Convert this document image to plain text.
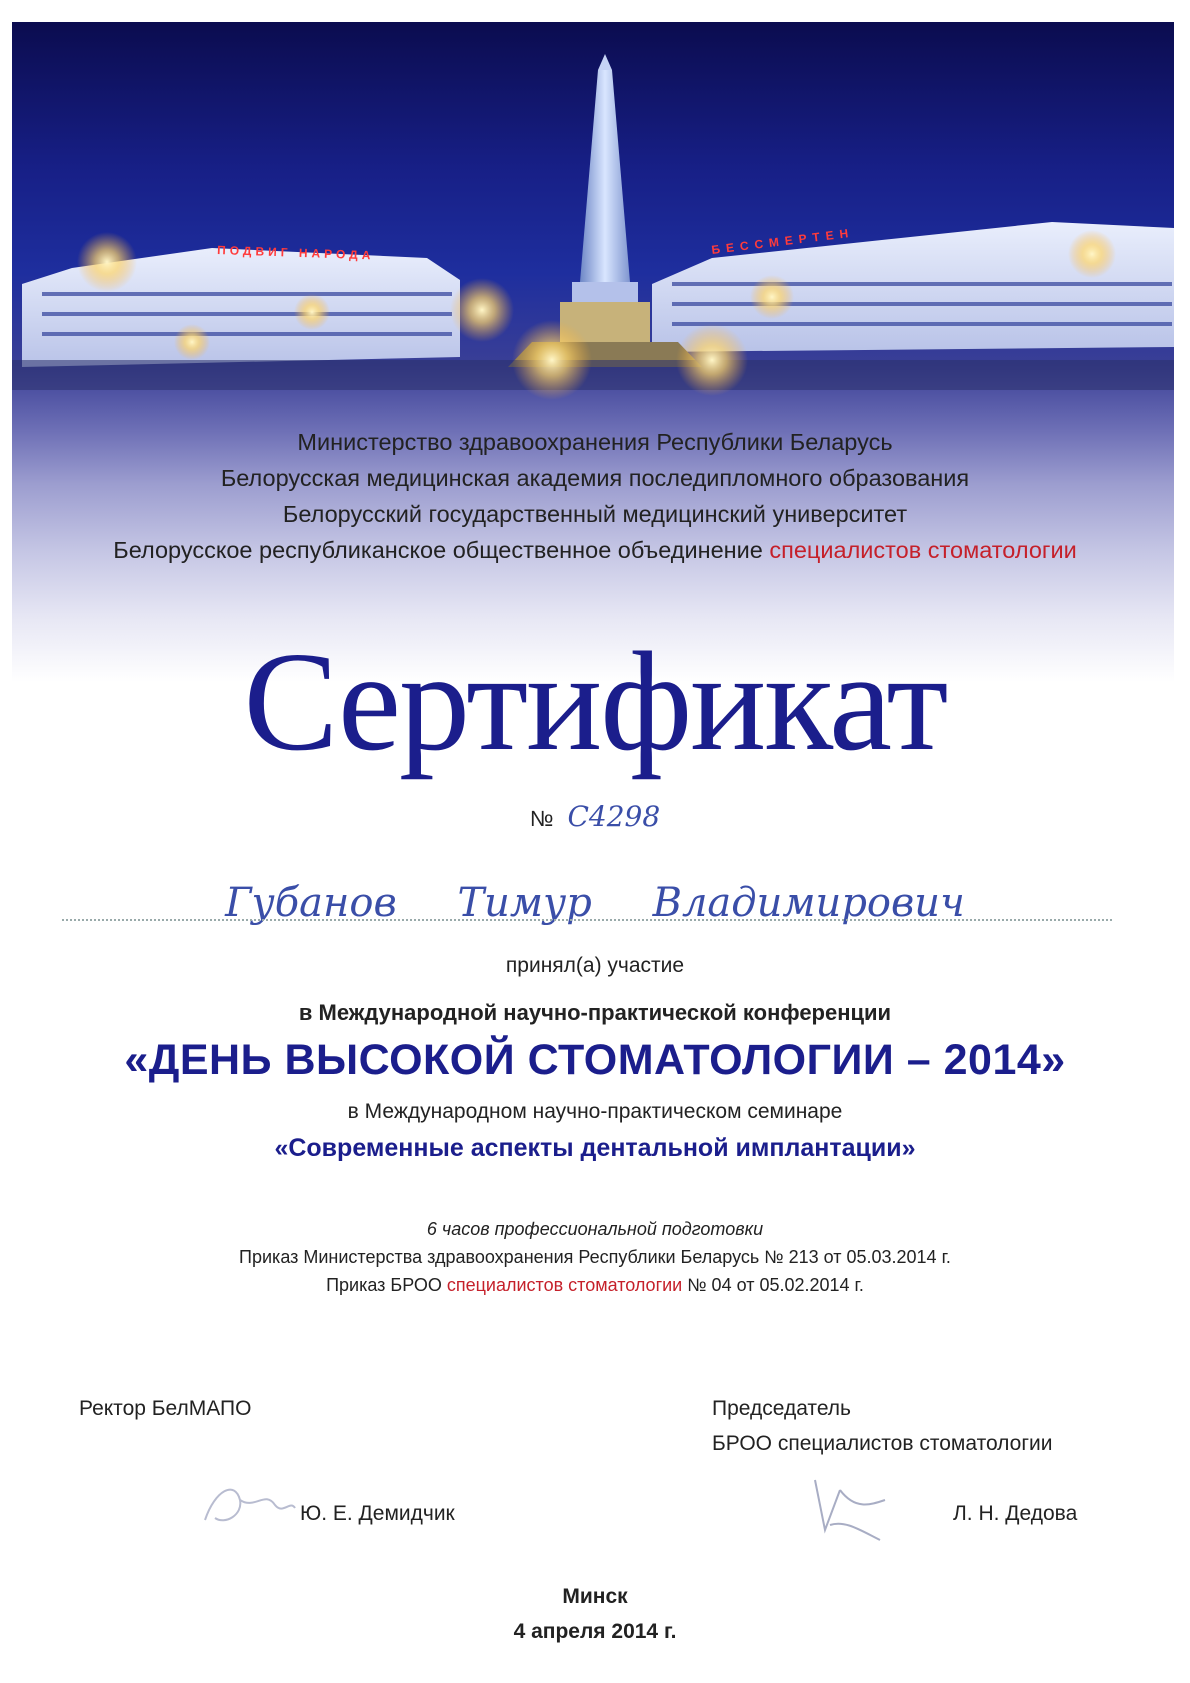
ПОДВИГ НАРОДА	БЕССМЕРТЕН
Министерство здравоохранения Республики Беларусь
Белорусская медицинская академия последипломного образования
Белорусский государственный медицинский университет
Белорусское республиканское общественное объединение специалистов стоматологии
Сертификат
№ С4298
Губанов Тимур Владимирович
принял(а) участие
в Международной научно-практической конференции
«ДЕНЬ ВЫСОКОЙ СТОМАТОЛОГИИ – 2014»
в Международном научно-практическом семинаре
«Современные аспекты дентальной имплантации»
6 часов профессиональной подготовки
Приказ Министерства здравоохранения Республики Беларусь № 213 от 05.03.2014 г.
Приказ БРОО специалистов стоматологии № 04 от 05.02.2014 г.
Ректор БелМАПО
Ю. Е. Демидчик
Председатель
БРОО специалистов стоматологии
Л. Н. Дедова
Минск
4 апреля 2014 г.
